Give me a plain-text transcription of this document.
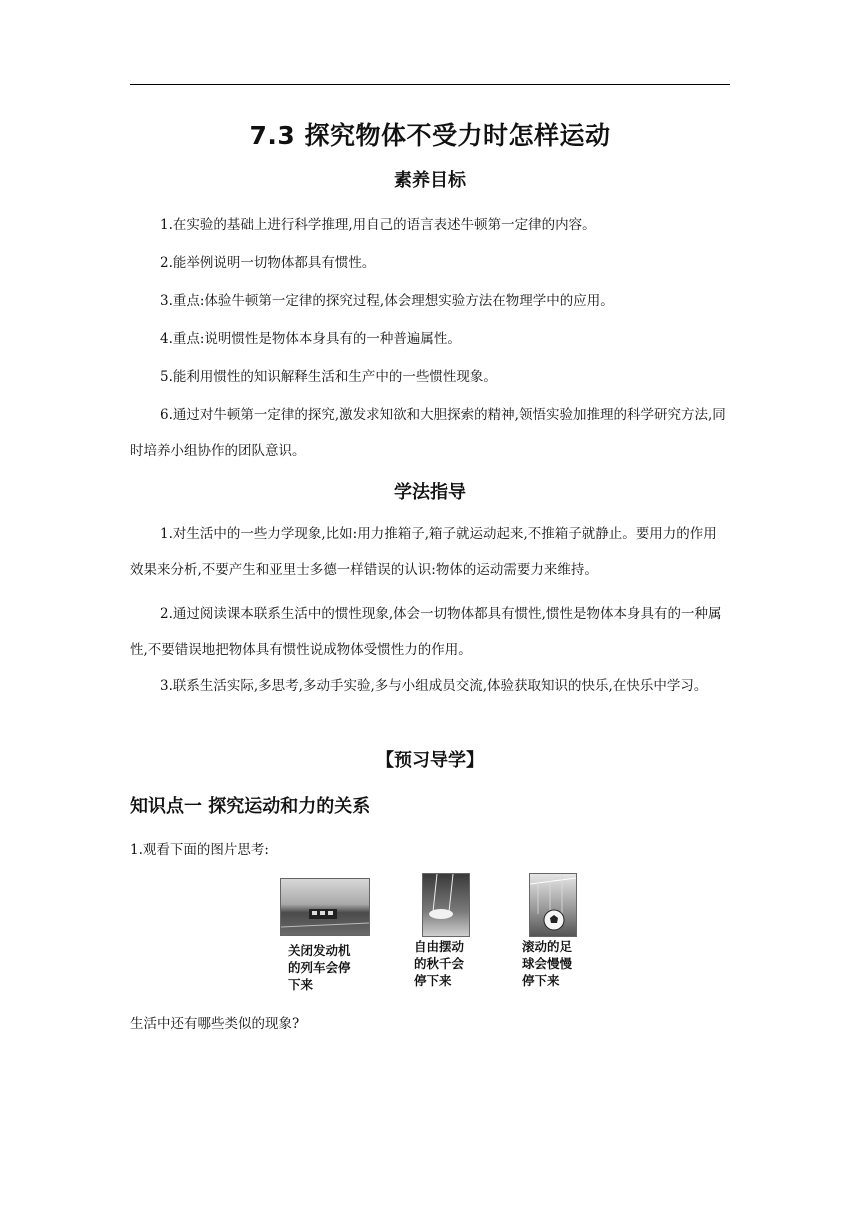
7.3 探究物体不受力时怎样运动
素养目标

1.在实验的基础上进行科学推理,用自己的语言表述牛顿第一定律的内容。

2.能举例说明一切物体都具有惯性。

3.重点:体验牛顿第一定律的探究过程,体会理想实验方法在物理学中的应用。

4.重点:说明惯性是物体本身具有的一种普遍属性。

5.能利用惯性的知识解释生活和生产中的一些惯性现象。

6.通过对牛顿第一定律的探究,激发求知欲和大胆探索的精神,领悟实验加推理的科学研究方法,同时培养小组协作的团队意识。

学法指导

1.对生活中的一些力学现象,比如:用力推箱子,箱子就运动起来,不推箱子就静止。要用力的作用效果来分析,不要产生和亚里士多德一样错误的认识:物体的运动需要力来维持。

2.通过阅读课本联系生活中的惯性现象,体会一切物体都具有惯性,惯性是物体本身具有的一种属性,不要错误地把物体具有惯性说成物体受惯性力的作用。

3.联系生活实际,多思考,多动手实验,多与小组成员交流,体验获取知识的快乐,在快乐中学习。

【预习导学】
知识点一 探究运动和力的关系

1.观看下面的图片思考:

关闭发动机
的列车会停
下来
自由摆动
的秋千会
停下来
滚动的足
球会慢慢
停下来

生活中还有哪些类似的现象?
